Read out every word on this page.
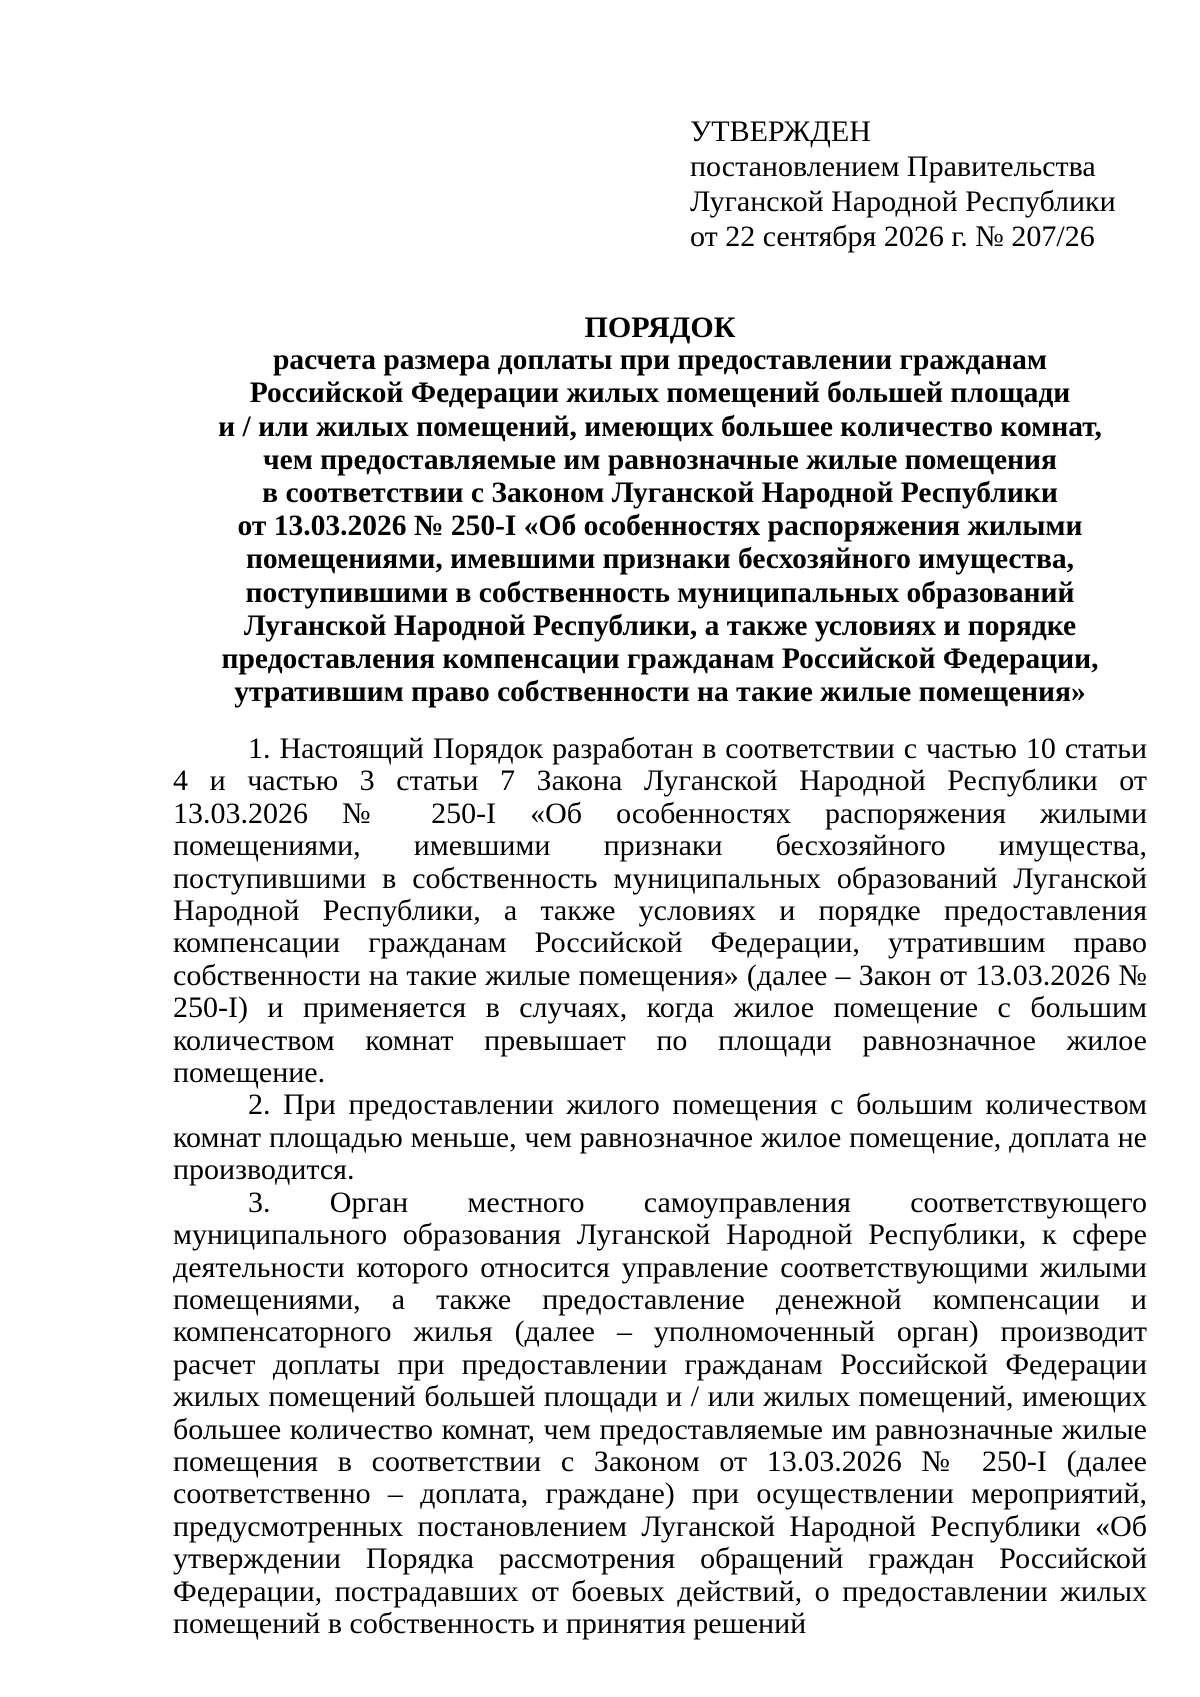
УТВЕРЖДЕН
постановлением Правительства
Луганской Народной Республики
от 22 сентября 2026 г. № 207/26
ПОРЯДОК
расчета размера доплаты при предоставлении гражданам
Российской Федерации жилых помещений большей площади
и / или жилых помещений, имеющих большее количество комнат,
чем предоставляемые им равнозначные жилые помещения
в соответствии с Законом Луганской Народной Республики
от 13.03.2026 № 250-I «Об особенностях распоряжения жилыми
помещениями, имевшими признаки бесхозяйного имущества,
поступившими в собственность муниципальных образований
Луганской Народной Республики, а также условиях и порядке
предоставления компенсации гражданам Российской Федерации,
утратившим право собственности на такие жилые помещения»

1. Настоящий Порядок разработан в соответствии с частью 10 статьи 4 и частью 3 статьи 7 Закона Луганской Народной Республики от 13.03.2026 № 250-I «Об особенностях распоряжения жилыми помещениями, имевшими признаки бесхозяйного имущества, поступившими в собственность муниципальных образований Луганской Народной Республики, а также условиях и порядке предоставления компенсации гражданам Российской Федерации, утратившим право собственности на такие жилые помещения» (далее – Закон от 13.03.2026 № 250-I) и применяется в случаях, когда жилое помещение с большим количеством комнат превышает по площади равнозначное жилое помещение.

2. При предоставлении жилого помещения с большим количеством комнат площадью меньше, чем равнозначное жилое помещение, доплата не производится.

3. Орган местного самоуправления соответствующего муниципального образования Луганской Народной Республики, к сфере деятельности которого относится управление соответствующими жилыми помещениями, а также предоставление денежной компенсации и компенсаторного жилья (далее – уполномоченный орган) производит расчет доплаты при предоставлении гражданам Российской Федерации жилых помещений большей площади и / или жилых помещений, имеющих большее количество комнат, чем предоставляемые им равнозначные жилые помещения в соответствии с Законом от 13.03.2026 № 250-I (далее соответственно – доплата, граждане) при осуществлении мероприятий, предусмотренных постановлением Луганской Народной Республики «Об утверждении Порядка рассмотрения обращений граждан Российской Федерации, пострадавших от боевых действий, о предоставлении жилых помещений в собственность и принятия решений
